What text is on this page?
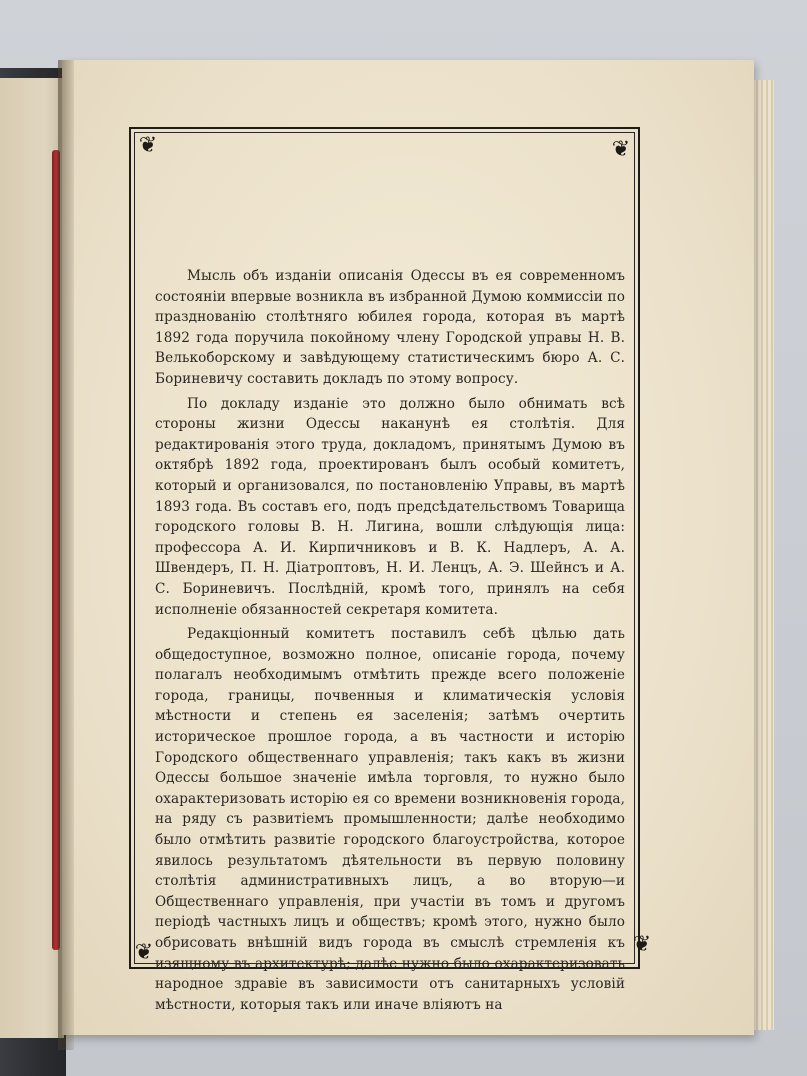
❦	❦
❦	❦

Мысль объ изданіи описанія Одессы въ ея современномъ состояніи впервые возникла въ избранной Думою коммиссіи по празднованію столѣтняго юбилея города, которая въ мартѣ 1892 года поручила покойному члену Городской управы Н. В. Велькоборскому и завѣдующему статистическимъ бюро А. С. Бориневичу составить докладъ по этому вопросу.

По докладу изданіе это должно было обнимать всѣ стороны жизни Одессы наканунѣ ея столѣтія. Для редактированія этого труда, докладомъ, принятымъ Думою въ октябрѣ 1892 года, проектированъ былъ особый комитетъ, который и организовался, по постановленію Управы, въ мартѣ 1893 года. Въ составъ его, подъ предсѣдательствомъ Товарища городского головы В. Н. Лигина, вошли слѣдующія лица: профессора А. И. Кирпичниковъ и В. К. Надлеръ, А. А. Швендеръ, П. Н. Діатроптовъ, Н. И. Ленцъ, А. Э. Шейнсъ и А. С. Бориневичъ. Послѣдній, кромѣ того, принялъ на себя исполненіе обязанностей секретаря комитета.

Редакціонный комитетъ поставилъ себѣ цѣлью дать общедоступное, возможно полное, описаніе города, почему полагалъ необходимымъ отмѣтить прежде всего положеніе города, границы, почвенныя и климатическія условія мѣстности и степень ея заселенія; затѣмъ очертить историческое прошлое города, а въ частности и исторію Городского общественнаго управленія; такъ какъ въ жизни Одессы большое значеніе имѣла торговля, то нужно было охарактеризовать исторію ея со времени возникновенія города, на ряду съ развитіемъ промышленности; далѣе необходимо было отмѣтить развитіе городского благоустройства, которое явилось результатомъ дѣятельности въ первую половину столѣтія административныхъ лицъ, а во вторую—и Общественнаго управленія, при участіи въ томъ и другомъ періодѣ частныхъ лицъ и обществъ; кромѣ этого, нужно было обрисовать внѣшній видъ города въ смыслѣ стремленія къ изящному въ архитектурѣ; далѣе нужно было охарактеризовать народное здравіе въ зависимости отъ санитарныхъ условій мѣстности, которыя такъ или иначе вліяютъ на
